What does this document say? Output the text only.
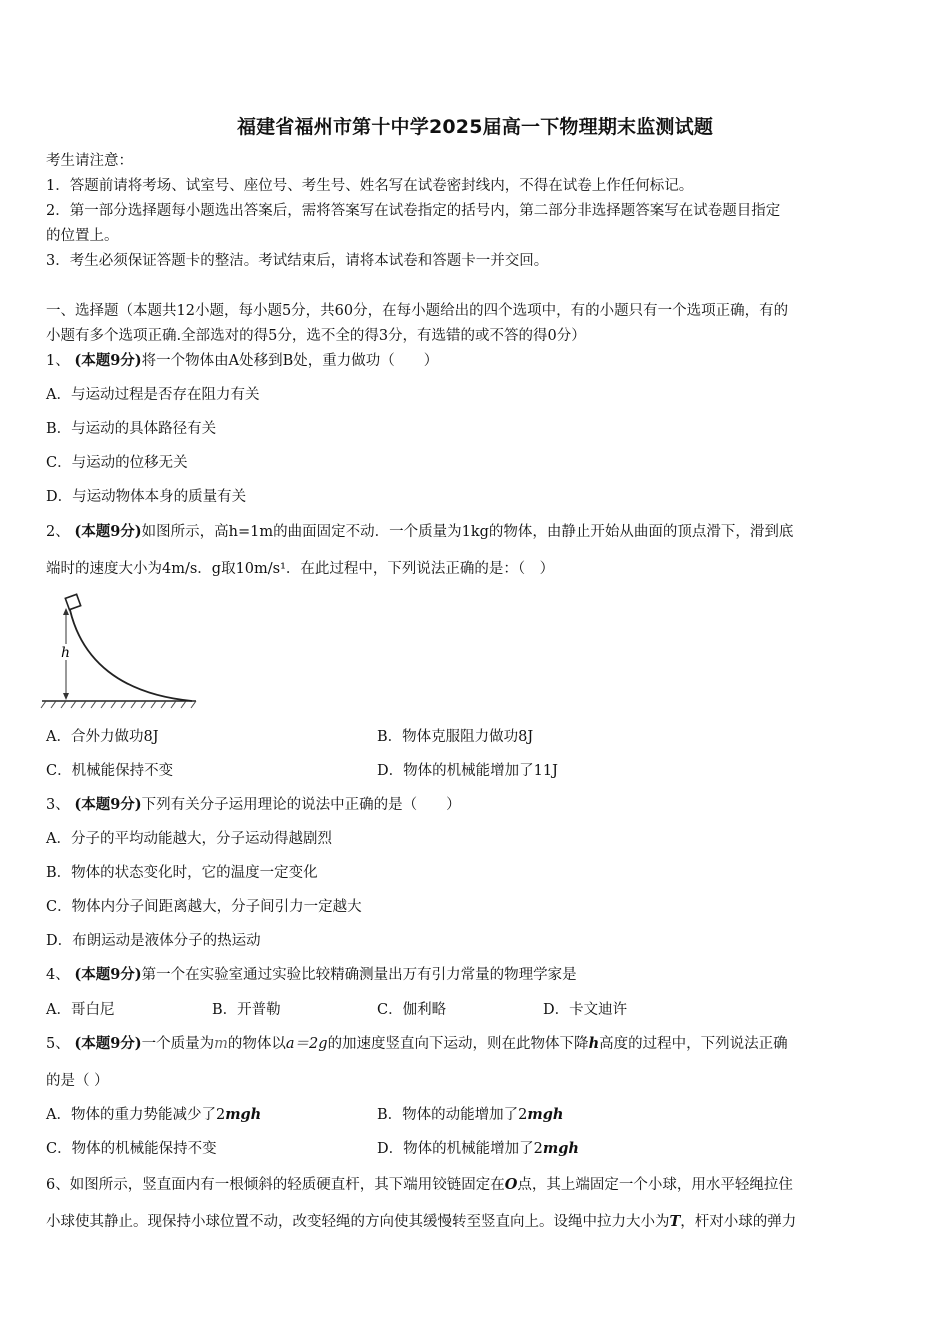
福建省福州市第十中学2025届高一下物理期末监测试题
考生请注意：
1．答题前请将考场、试室号、座位号、考生号、姓名写在试卷密封线内，不得在试卷上作任何标记。
2．第一部分选择题每小题选出答案后，需将答案写在试卷指定的括号内，第二部分非选择题答案写在试卷题目指定
的位置上。
3．考生必须保证答题卡的整洁。考试结束后，请将本试卷和答题卡一并交回。
一、选择题（本题共12小题，每小题5分，共60分，在每小题给出的四个选项中，有的小题只有一个选项正确，有的
小题有多个选项正确.全部选对的得5分，选不全的得3分，有选错的或不答的得0分）
1、 (本题9分)将一个物体由A处移到B处，重力做功（　　）
A．与运动过程是否存在阻力有关
B．与运动的具体路径有关
C．与运动的位移无关
D．与运动物体本身的质量有关
2、 (本题9分)如图所示，高h=1m的曲面固定不动．一个质量为1kg的物体，由静止开始从曲面的顶点滑下，滑到底
端时的速度大小为4m/s．g取10m/s¹．在此过程中，下列说法正确的是：（　）
h
A．合外力做功8J	B．物体克服阻力做功8J
C．机械能保持不变	D．物体的机械能增加了11J
3、 (本题9分)下列有关分子运用理论的说法中正确的是（　　）
A．分子的平均动能越大，分子运动得越剧烈
B．物体的状态变化时，它的温度一定变化
C．物体内分子间距离越大，分子间引力一定越大
D．布朗运动是液体分子的热运动
4、 (本题9分)第一个在实验室通过实验比较精确测量出万有引力常量的物理学家是
A．哥白尼	B．开普勒	C．伽利略	D．卡文迪许
5、 (本题9分)一个质量为m的物体以a＝2g的加速度竖直向下运动，则在此物体下降h高度的过程中，下列说法正确
的是（ ）
A．物体的重力势能减少了2mgh	B．物体的动能增加了2mgh
C．物体的机械能保持不变	D．物体的机械能增加了2mgh
6、如图所示，竖直面内有一根倾斜的轻质硬直杆，其下端用铰链固定在O点，其上端固定一个小球，用水平轻绳拉住
小球使其静止。现保持小球位置不动，改变轻绳的方向使其缓慢转至竖直向上。设绳中拉力大小为T，杆对小球的弹力
